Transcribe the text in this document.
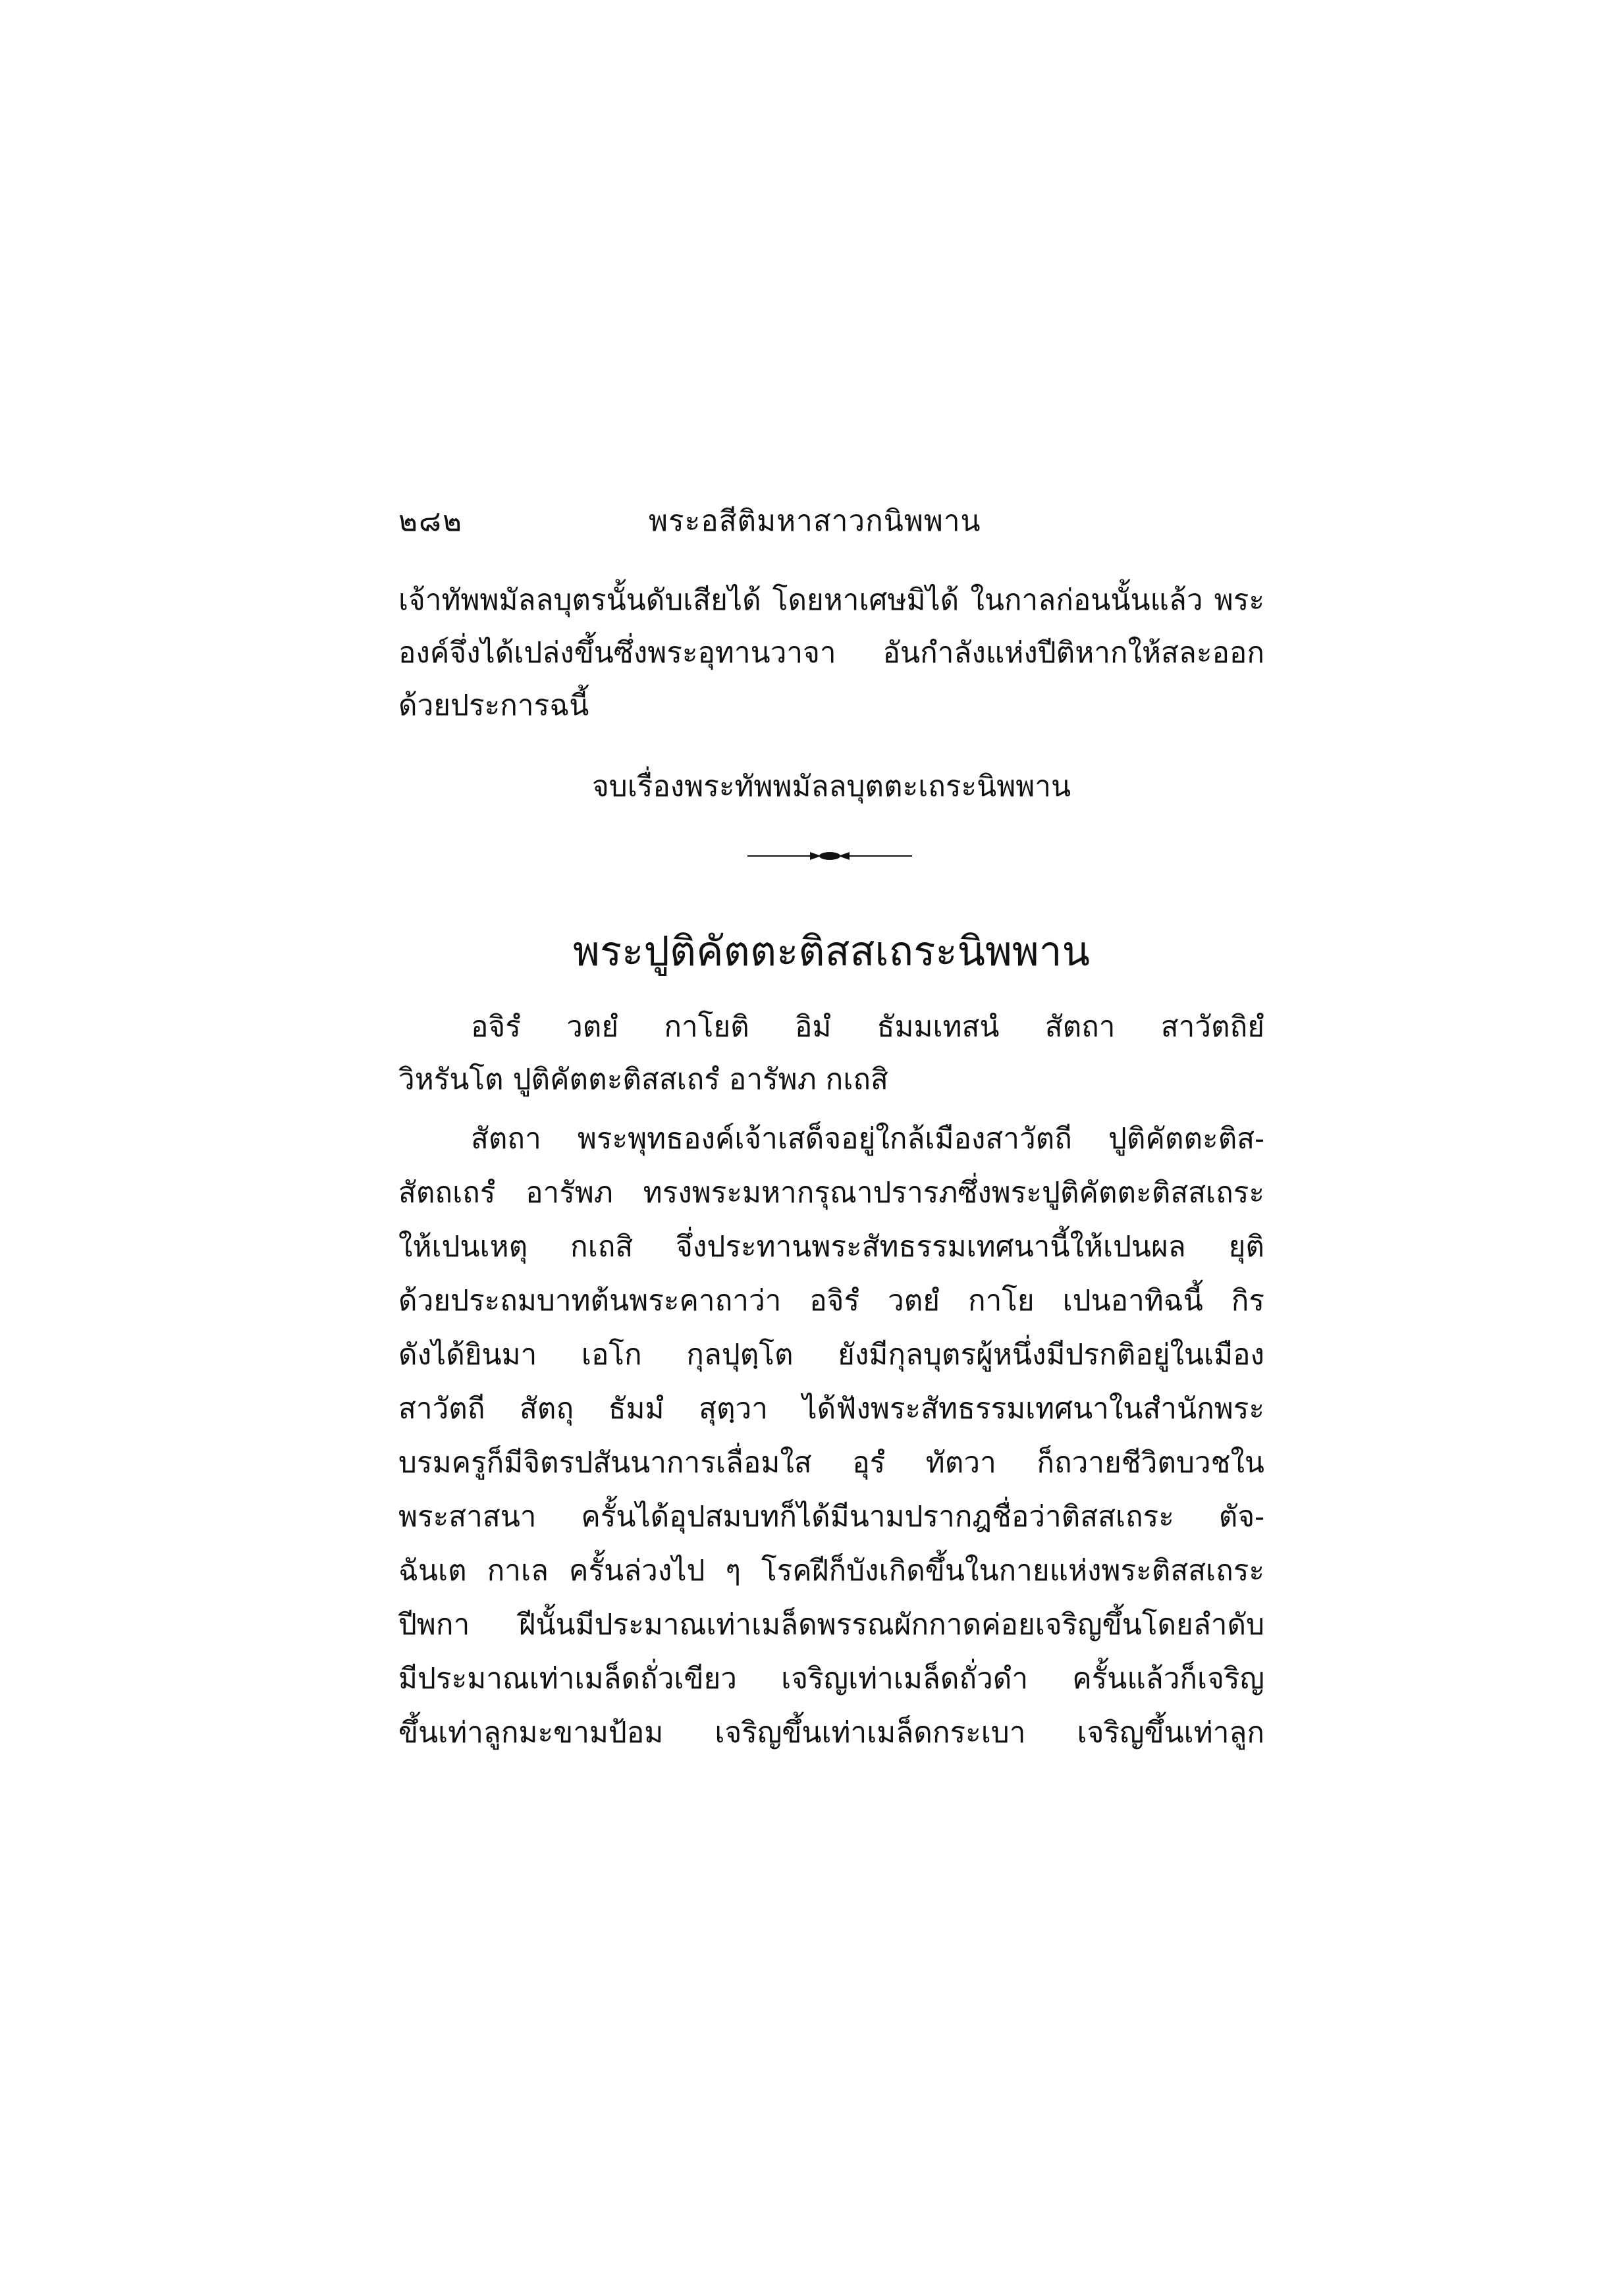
๒๘๒	พระอสีติมหาสาวกนิพพาน
เจ้าทัพพมัลลบุตรนั้นดับเสียได้ โดยหาเศษมิได้ ในกาลก่อนนั้นแล้ว พระ
องค์จึ่งได้เปล่งขึ้นซึ่งพระอุทานวาจา อันกำลังแห่งปีติหากให้สละออก
ด้วยประการฉนี้
จบเรื่องพระทัพพมัลลบุตตะเถระนิพพาน
พระปูติคัตตะติสสเถระนิพพาน
อจิรํ วตยํ กาโยติ อิมํ ธัมมเทสนํ สัตถา สาวัตถิยํ
วิหรันโต ปูติคัตตะติสสเถรํ อารัพภ กเถสิ
สัตถา พระพุทธองค์เจ้าเสด็จอยู่ใกล้เมืองสาวัตถี ปูติคัตตะติส-
สัตถเถรํ อารัพภ ทรงพระมหากรุณาปรารภซึ่งพระปูติคัตตะติสสเถระ
ให้เปนเหตุ กเถสิ จึ่งประทานพระสัทธรรมเทศนานี้ให้เปนผล ยุติ
ด้วยประถมบาทต้นพระคาถาว่า อจิรํ วตยํ กาโย เปนอาทิฉนี้ กิร
ดังได้ยินมา เอโก กุลปุตฺโต ยังมีกุลบุตรผู้หนึ่งมีปรกติอยู่ในเมือง
สาวัตถี สัตถุ ธัมมํ สุตฺวา ได้ฟังพระสัทธรรมเทศนาในสำนักพระ
บรมครูก็มีจิตรปสันนาการเลื่อมใส อุรํ ทัตวา ก็ถวายชีวิตบวชใน
พระสาสนา ครั้นได้อุปสมบทก็ได้มีนามปรากฎชื่อว่าติสสเถระ ตัจ-
ฉันเต กาเล ครั้นล่วงไป ๆ โรคฝีก็บังเกิดขึ้นในกายแห่งพระติสสเถระ
ปีพกา ฝีนั้นมีประมาณเท่าเมล็ดพรรณผักกาดค่อยเจริญขึ้นโดยลำดับ
มีประมาณเท่าเมล็ดถั่วเขียว เจริญเท่าเมล็ดถั่วดำ ครั้นแล้วก็เจริญ
ขึ้นเท่าลูกมะขามป้อม เจริญขึ้นเท่าเมล็ดกระเบา เจริญขึ้นเท่าลูก
